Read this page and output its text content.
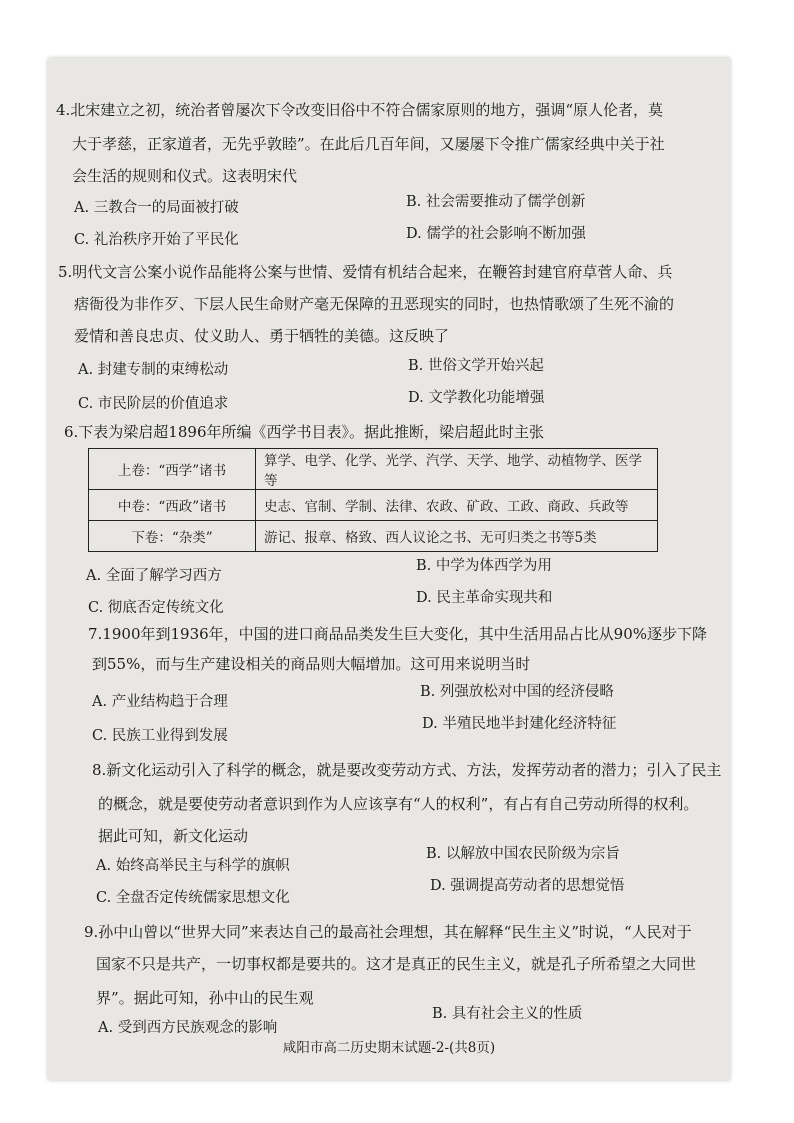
4.北宋建立之初，统治者曾屡次下令改变旧俗中不符合儒家原则的地方，强调“原人伦者，莫
大于孝慈，正家道者，无先乎敦睦”。在此后几百年间，又屡屡下令推广儒家经典中关于社
会生活的规则和仪式。这表明宋代
A. 三教合一的局面被打破	B. 社会需要推动了儒学创新
C. 礼治秩序开始了平民化	D. 儒学的社会影响不断加强
5.明代文言公案小说作品能将公案与世情、爱情有机结合起来，在鞭笞封建官府草菅人命、兵
痞衙役为非作歹、下层人民生命财产毫无保障的丑恶现实的同时，也热情歌颂了生死不渝的
爱情和善良忠贞、仗义助人、勇于牺牲的美德。这反映了
A. 封建专制的束缚松动	B. 世俗文学开始兴起
C. 市民阶层的价值追求	D. 文学教化功能增强
6.下表为梁启超1896年所编《西学书目表》。据此推断，梁启超此时主张
上卷：“西学”诸书	算学、电学、化学、光学、汽学、天学、地学、动植物学、医学等
中卷：“西政”诸书	史志、官制、学制、法律、农政、矿政、工政、商政、兵政等
下卷：“杂类”	游记、报章、格致、西人议论之书、无可归类之书等5类
A. 全面了解学习西方
B. 中学为体西学为用
C. 彻底否定传统文化
D. 民主革命实现共和
7.1900年到1936年，中国的进口商品品类发生巨大变化，其中生活用品占比从90%逐步下降
到55%，而与生产建设相关的商品则大幅增加。这可用来说明当时
A. 产业结构趋于合理
B. 列强放松对中国的经济侵略
C. 民族工业得到发展
D. 半殖民地半封建化经济特征
8.新文化运动引入了科学的概念，就是要改变劳动方式、方法，发挥劳动者的潜力；引入了民主
的概念，就是要使劳动者意识到作为人应该享有“人的权利”，有占有自己劳动所得的权利。
据此可知，新文化运动
A. 始终高举民主与科学的旗帜
B. 以解放中国农民阶级为宗旨
C. 全盘否定传统儒家思想文化
D. 强调提高劳动者的思想觉悟
9.孙中山曾以“世界大同”来表达自己的最高社会理想，其在解释“民生主义”时说，“人民对于
国家不只是共产，一切事权都是要共的。这才是真正的民生主义，就是孔子所希望之大同世
界”。据此可知，孙中山的民生观
A. 受到西方民族观念的影响
B. 具有社会主义的性质
咸阳市高二历史期末试题-2-(共8页)
